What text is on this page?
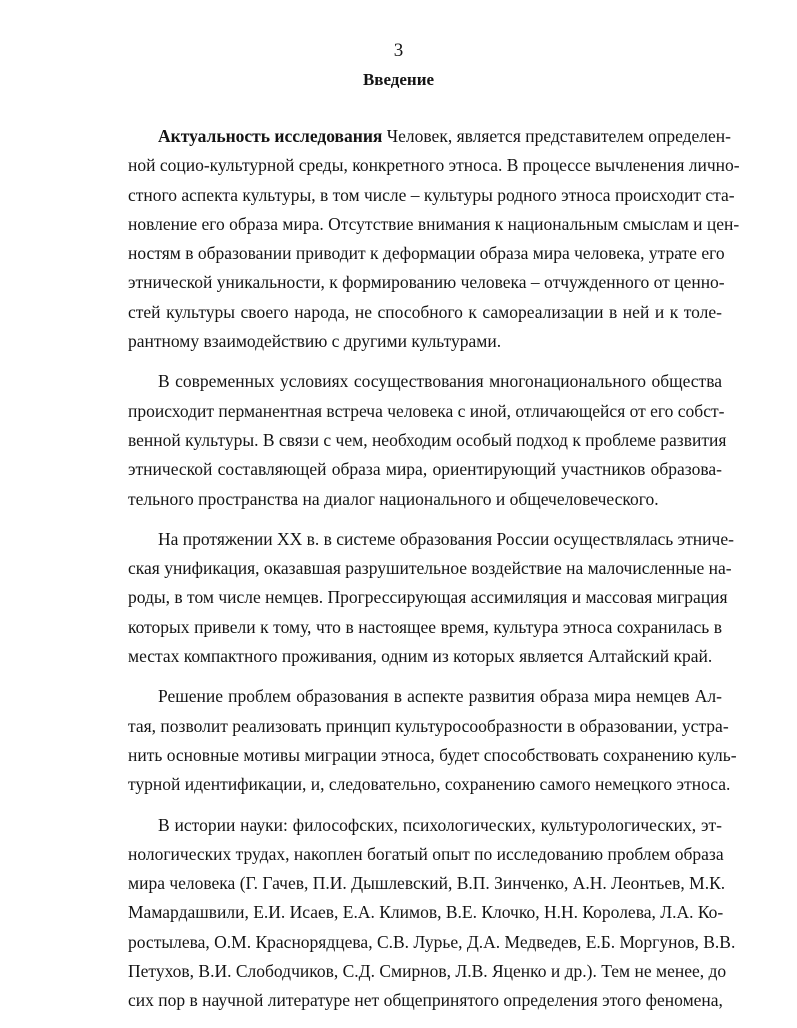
3
Введение
Актуальность исследования Человек, является представителем определен-
ной социо-культурной среды, конкретного этноса. В процессе вычленения лично-
стного аспекта культуры, в том числе – культуры родного этноса происходит ста-
новление его образа мира. Отсутствие внимания к национальным смыслам и цен-
ностям в образовании приводит к деформации образа мира человека, утрате его
этнической уникальности, к формированию человека – отчужденного от ценно-
стей культуры своего народа, не способного к самореализации в ней и к толе-
рантному взаимодействию с другими культурами.
В современных условиях сосуществования многонационального общества
происходит перманентная встреча человека с иной, отличающейся от его собст-
венной культуры. В связи с чем, необходим особый подход к проблеме развития
этнической составляющей образа мира, ориентирующий участников образова-
тельного пространства на диалог национального и общечеловеческого.
На протяжении XX в. в системе образования России осуществлялась этниче-
ская унификация, оказавшая разрушительное воздействие на малочисленные на-
роды, в том числе немцев. Прогрессирующая ассимиляция и массовая миграция
которых привели к тому, что в настоящее время, культура этноса сохранилась в
местах компактного проживания, одним из которых является Алтайский край.
Решение проблем образования в аспекте развития образа мира немцев Ал-
тая, позволит реализовать принцип культуросообразности в образовании, устра-
нить основные мотивы миграции этноса, будет способствовать сохранению куль-
турной идентификации, и, следовательно, сохранению самого немецкого этноса.
В истории науки: философских, психологических, культурологических, эт-
нологических трудах, накоплен богатый опыт по исследованию проблем образа
мира человека (Г. Гачев, П.И. Дышлевский, В.П. Зинченко, А.Н. Леонтьев, М.К.
Мамардашвили, Е.И. Исаев, Е.А. Климов, В.Е. Клочко, Н.Н. Королева, Л.А. Ко-
ростылева, О.М. Краснорядцева, С.В. Лурье, Д.А. Медведев, Е.Б. Моргунов, В.В.
Петухов, В.И. Слободчиков, С.Д. Смирнов, Л.В. Яценко и др.). Тем не менее, до
сих пор в научной литературе нет общепринятого определения этого феномена,
